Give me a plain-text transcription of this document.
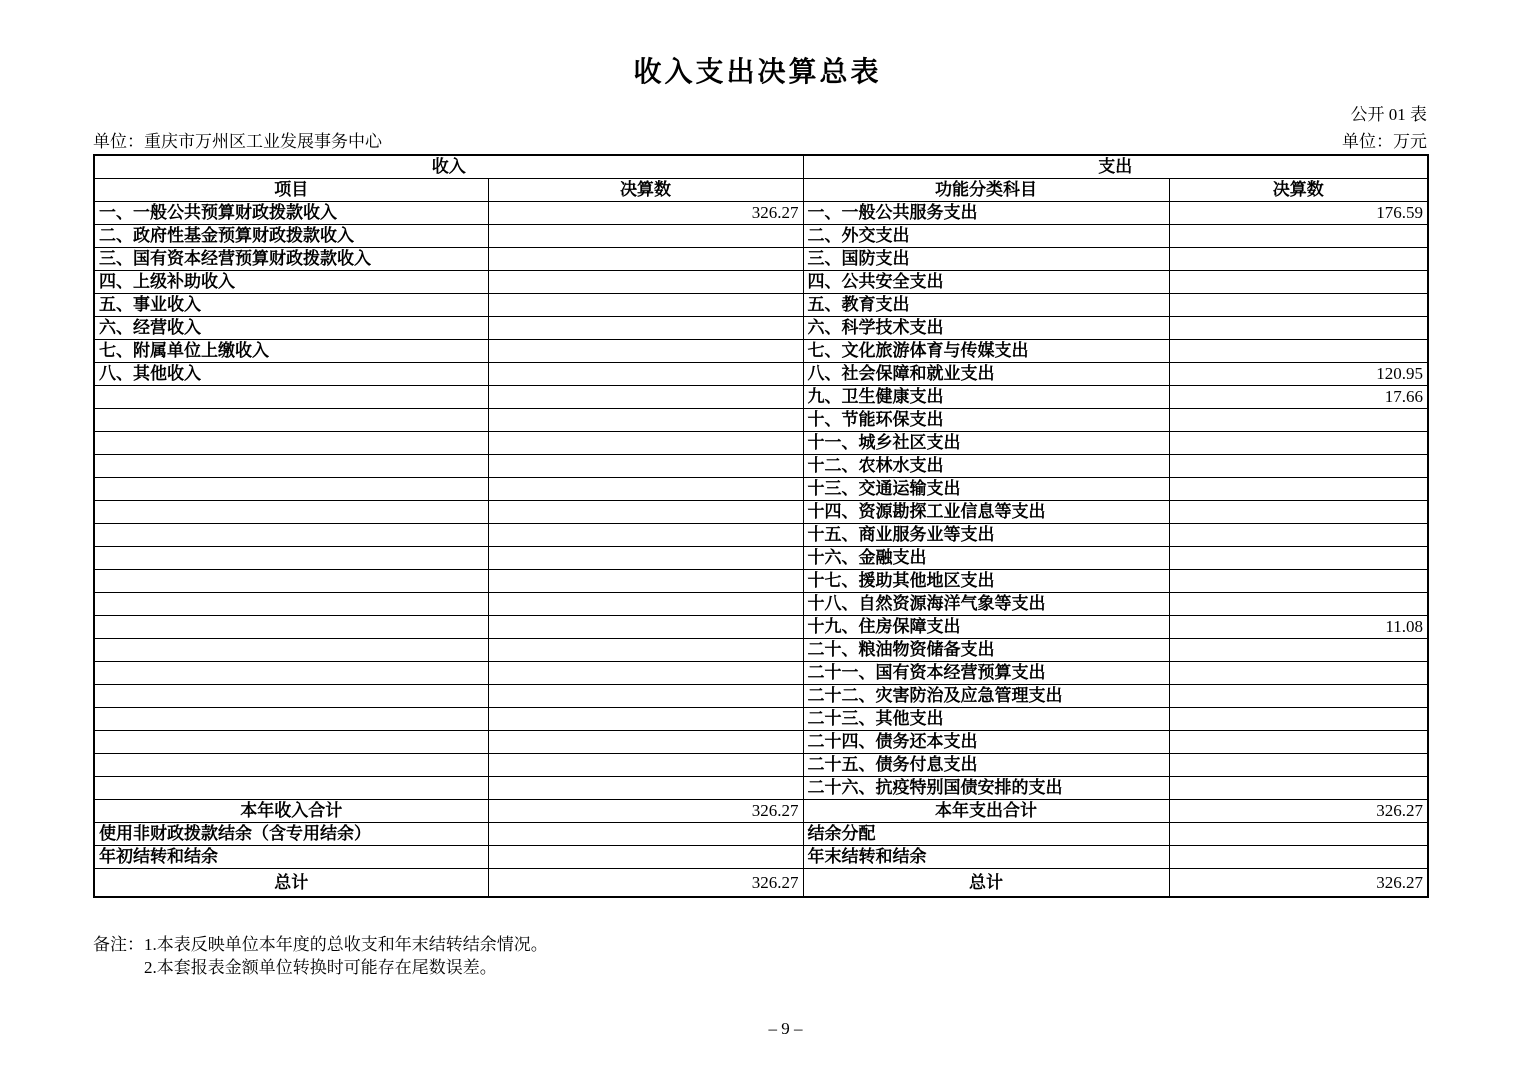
收入支出决算总表
公开 01 表
单位：重庆市万州区工业发展事务中心	单位：万元
收入		支出	
项目	决算数	功能分类科目	决算数
一、一般公共预算财政拨款收入	326.27	一、一般公共服务支出	176.59
二、政府性基金预算财政拨款收入		二、外交支出	
三、国有资本经营预算财政拨款收入		三、国防支出	
四、上级补助收入		四、公共安全支出	
五、事业收入		五、教育支出	
六、经营收入		六、科学技术支出	
七、附属单位上缴收入		七、文化旅游体育与传媒支出	
八、其他收入		八、社会保障和就业支出	120.95
		九、卫生健康支出	17.66
		十、节能环保支出	
		十一、城乡社区支出	
		十二、农林水支出	
		十三、交通运输支出	
		十四、资源勘探工业信息等支出	
		十五、商业服务业等支出	
		十六、金融支出	
		十七、援助其他地区支出	
		十八、自然资源海洋气象等支出	
		十九、住房保障支出	11.08
		二十、粮油物资储备支出	
		二十一、国有资本经营预算支出	
		二十二、灾害防治及应急管理支出	
		二十三、其他支出	
		二十四、债务还本支出	
		二十五、债务付息支出	
		二十六、抗疫特别国债安排的支出	
本年收入合计	326.27	本年支出合计	326.27
使用非财政拨款结余（含专用结余）		结余分配	
年初结转和结余		年末结转和结余	
总计	326.27	总计	326.27
备注： 1.本表反映单位本年度的总收支和年末结转结余情况。
2.本套报表金额单位转换时可能存在尾数误差。
– 9 –
